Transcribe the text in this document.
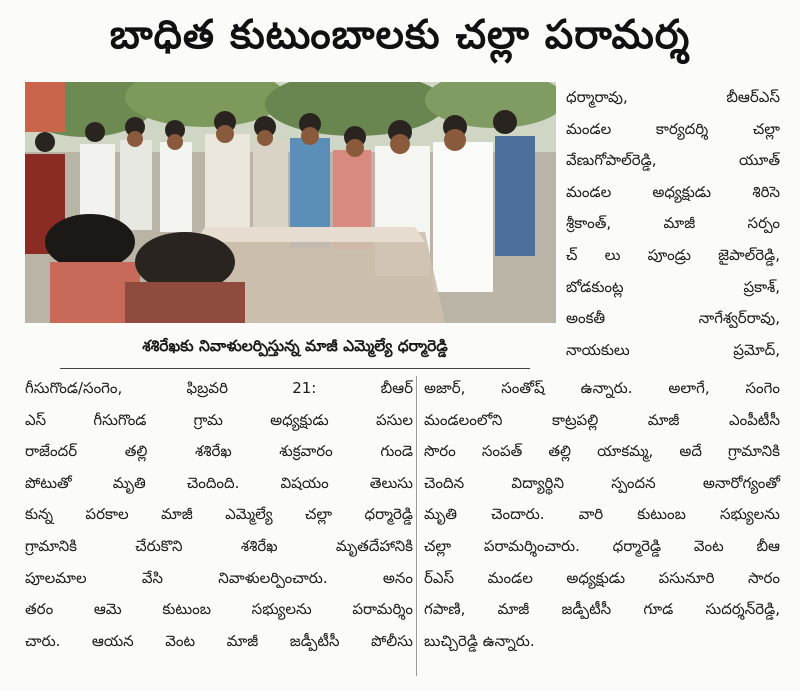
బాధిత కుటుంబాలకు చల్లా పరామర్శ
శశిరేఖకు నివాళులర్పిస్తున్న మాజీ ఎమ్మెల్యే ధర్మారెడ్డి

ధర్మారావు, బీఆర్ఎస్

మండల కార్యదర్శి చల్లా

వేణుగోపాల్‌రెడ్డి, యూత్

మండల అధ్యక్షుడు శిరిసె

శ్రీకాంత్, మాజీ సర్పం

చ్ లు పూండ్రు జైపాల్‌రెడ్డి,

బోడకుంట్ల ప్రకాశ్,

అంకతీ నాగేశ్వర్‌రావు,

నాయకులు ప్రమోద్,

గీసుగొండ/సంగెం, ఫిబ్రవరి 21: బీఆర్

ఎస్ గీసుగొండ గ్రామ అధ్యక్షుడు పసుల

రాజేందర్ తల్లి శశిరేఖ శుక్రవారం గుండె

పోటుతో మృతి చెందింది. విషయం తెలుసు

కున్న పరకాల మాజీ ఎమ్మెల్యే చల్లా ధర్మారెడ్డి

గ్రామానికి చేరుకొని శశిరేఖ మృతదేహానికి

పూలమాల వేసి నివాళులర్పించారు. అనం

తరం ఆమె కుటుంబ సభ్యులను పరామర్శిం

చారు. ఆయన వెంట మాజీ జడ్పీటీసీ పోలీసు

అజార్, సంతోష్ ఉన్నారు. అలాగే, సంగెం

మండలంలోని కాట్రపల్లి మాజీ ఎంపీటీసీ

సొరం సంపత్ తల్లి యాకమ్మ, అదే గ్రామానికి

చెందిన విద్యార్థిని స్పందన అనారోగ్యంతో

మృతి చెందారు. వారి కుటుంబ సభ్యులను

చల్లా పరామర్శించారు. ధర్మారెడ్డి వెంట బీఆ

ర్ఎస్ మండల అధ్యక్షుడు పసునూరి సారం

గపాణి, మాజీ జడ్పీటీసీ గూడ సుదర్శన్‌రెడ్డి,

బుచ్చిరెడ్డి ఉన్నారు.
